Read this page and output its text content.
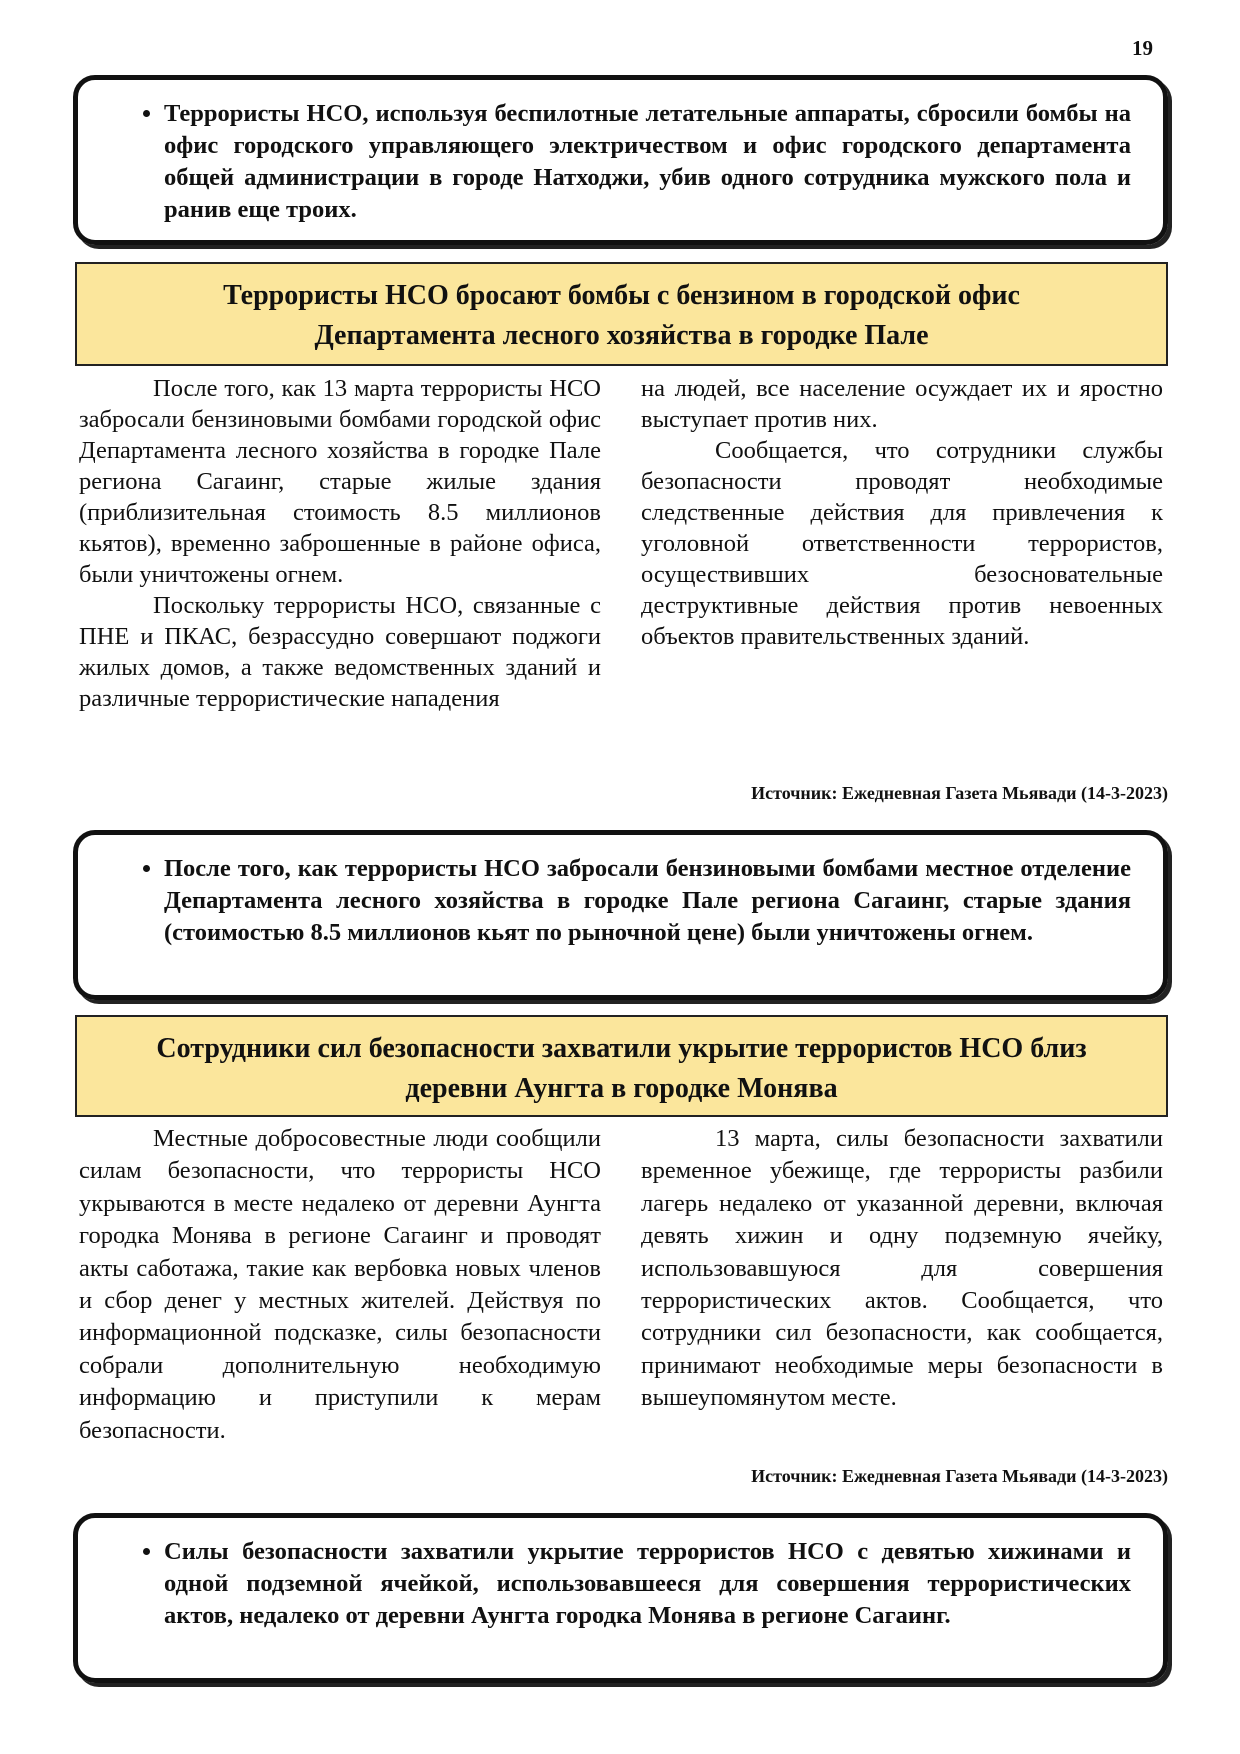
19
• Террористы НСО, используя беспилотные летательные аппараты, сбросили бомбы на офис городского управляющего электричеством и офис городского департамента общей администрации в городе Натходжи, убив одного сотрудника мужского пола и ранив еще троих.
Террористы НСО бросают бомбы с бензином в городской офис
Департамента лесного хозяйства в городке Пале

После того, как 13 марта террористы НСО забросали бензиновыми бомбами городской офис Департамента лесного хозяйства в городке Пале региона Сагаинг, старые жилые здания (приблизительная стоимость 8.5 миллионов кьятов), временно заброшенные в районе офиса, были уничтожены огнем.

Поскольку террористы НСО, связанные с ПНЕ и ПКАС, безрассудно совершают поджоги жилых домов, а также ведомственных зданий и различные террористические нападения

на людей, все население осуждает их и яростно выступает против них.

Сообщается, что сотрудники службы безопасности проводят необходимые следственные действия для привлечения к уголовной ответственности террористов, осуществивших безосновательные деструктивные действия против невоенных объектов правительственных зданий.

Источник: Ежедневная Газета Мьявади (14-3-2023)
• После того, как террористы НСО забросали бензиновыми бомбами местное отделение Департамента лесного хозяйства в городке Пале региона Сагаинг, старые здания (стоимостью 8.5 миллионов кьят по рыночной цене) были уничтожены огнем.
Сотрудники сил безопасности захватили укрытие террористов НСО близ
деревни Аунгта в городке Монява

Местные добросовестные люди сообщили силам безопасности, что террористы НСО укрываются в месте недалеко от деревни Аунгта городка Монява в регионе Сагаинг и проводят акты саботажа, такие как вербовка новых членов и сбор денег у местных жителей. Действуя по информационной подсказке, силы безопасности собрали дополнительную необходимую информацию и приступили к мерам безопасности.

13 марта, силы безопасности захватили временное убежище, где террористы разбили лагерь недалеко от указанной деревни, включая девять хижин и одну подземную ячейку, использовавшуюся для совершения террористических актов. Сообщается, что сотрудники сил безопасности, как сообщается, принимают необходимые меры безопасности в вышеупомянутом месте.

Источник: Ежедневная Газета Мьявади (14-3-2023)
• Силы безопасности захватили укрытие террористов НСО с девятью хижинами и одной подземной ячейкой, использовавшееся для совершения террористических актов, недалеко от деревни Аунгта городка Монява в регионе Сагаинг.
